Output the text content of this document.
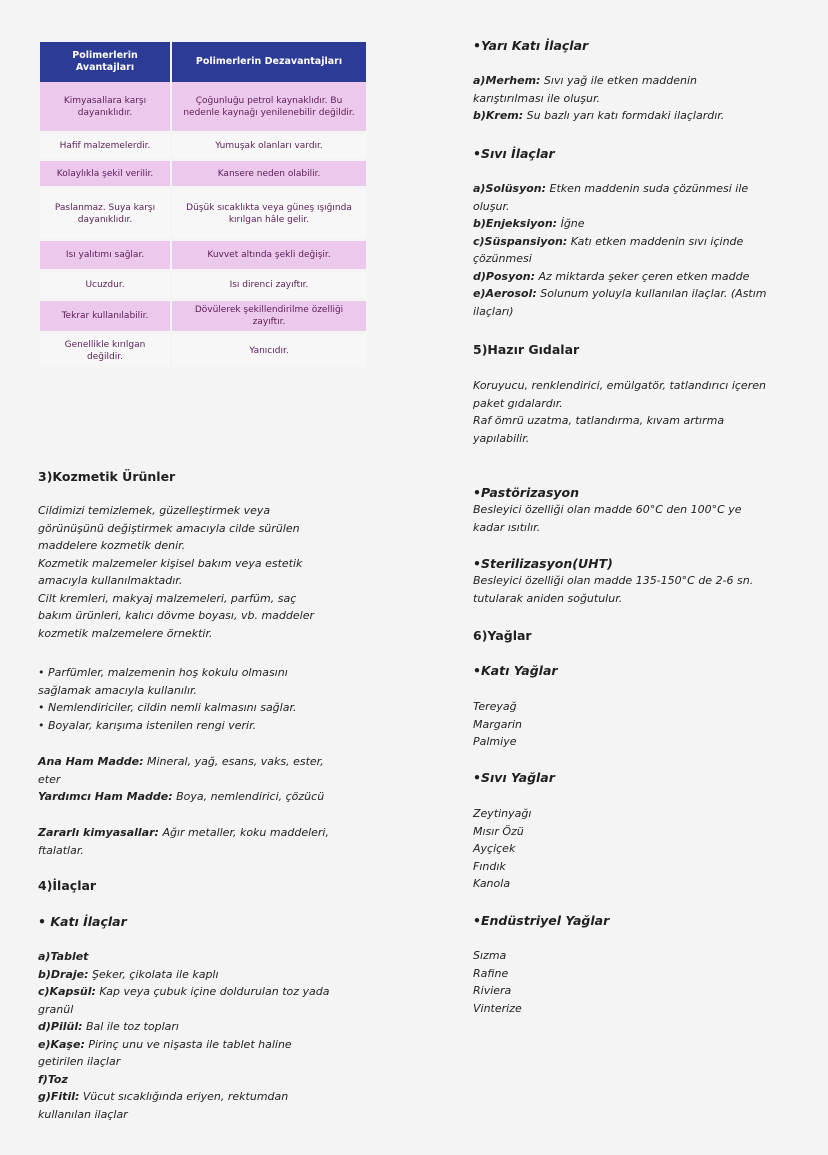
Polimerlerin Avantajları	Polimerlerin Dezavantajları
Kimyasallara karşı dayanıklıdır.	Çoğunluğu petrol kaynaklıdır. Bu nedenle kaynağı yenilenebilir değildir.
Hafif malzemelerdir.	Yumuşak olanları vardır.
Kolaylıkla şekil verilir.	Kansere neden olabilir.
Paslanmaz. Suya karşı dayanıklıdır.	Düşük sıcaklıkta veya güneş ışığında kırılgan hâle gelir.
Isı yalıtımı sağlar.	Kuvvet altında şekli değişir.
Ucuzdur.	Isı direnci zayıftır.
Tekrar kullanılabilir.	Dövülerek şekillendirilme özelliği zayıftır.
Genellikle kırılgan değildir.	Yanıcıdır.
3)Kozmetik Ürünler
Cildimizi temizlemek, güzelleştirmek veya
görünüşünü değiştirmek amacıyla cilde sürülen
maddelere kozmetik denir.
Kozmetik malzemeler kişisel bakım veya estetik
amacıyla kullanılmaktadır.
Cilt kremleri, makyaj malzemeleri, parfüm, saç
bakım ürünleri, kalıcı dövme boyası, vb. maddeler
kozmetik malzemelere örnektir.
• Parfümler, malzemenin hoş kokulu olmasını
sağlamak amacıyla kullanılır.
• Nemlendiriciler, cildin nemli kalmasını sağlar.
• Boyalar, karışıma istenilen rengi verir.
Ana Ham Madde: Mineral, yağ, esans, vaks, ester,
eter
Yardımcı Ham Madde: Boya, nemlendirici, çözücü
Zararlı kimyasallar: Ağır metaller, koku maddeleri,
ftalatlar.
4)İlaçlar
• Katı İlaçlar
a)Tablet
b)Draje: Şeker, çikolata ile kaplı
c)Kapsül: Kap veya çubuk içine doldurulan toz yada
granül
d)Pilül: Bal ile toz topları
e)Kaşe: Pirinç unu ve nişasta ile tablet haline
getirilen ilaçlar
f)Toz
g)Fitil: Vücut sıcaklığında eriyen, rektumdan
kullanılan ilaçlar
•Yarı Katı İlaçlar
a)Merhem: Sıvı yağ ile etken maddenin
karıştırılması ile oluşur.
b)Krem: Su bazlı yarı katı formdaki ilaçlardır.
•Sıvı İlaçlar
a)Solüsyon: Etken maddenin suda çözünmesi ile
oluşur.
b)Enjeksiyon: İğne
c)Süspansiyon: Katı etken maddenin sıvı içinde
çözünmesi
d)Posyon: Az miktarda şeker çeren etken madde
e)Aerosol: Solunum yoluyla kullanılan ilaçlar. (Astım
ilaçları)
5)Hazır Gıdalar
Koruyucu, renklendirici, emülgatör, tatlandırıcı içeren
paket gıdalardır.
Raf ömrü uzatma, tatlandırma, kıvam artırma
yapılabilir.
•Pastörizasyon
Besleyici özelliği olan madde 60°C den 100°C ye
kadar ısıtılır.
•Sterilizasyon(UHT)
Besleyici özelliği olan madde 135-150°C de 2-6 sn.
tutularak aniden soğutulur.
6)Yağlar
•Katı Yağlar
Tereyağ
Margarin
Palmiye
•Sıvı Yağlar
Zeytinyağı
Mısır Özü
Ayçiçek
Fındık
Kanola
•Endüstriyel Yağlar
Sızma
Rafine
Riviera
Vinterize
